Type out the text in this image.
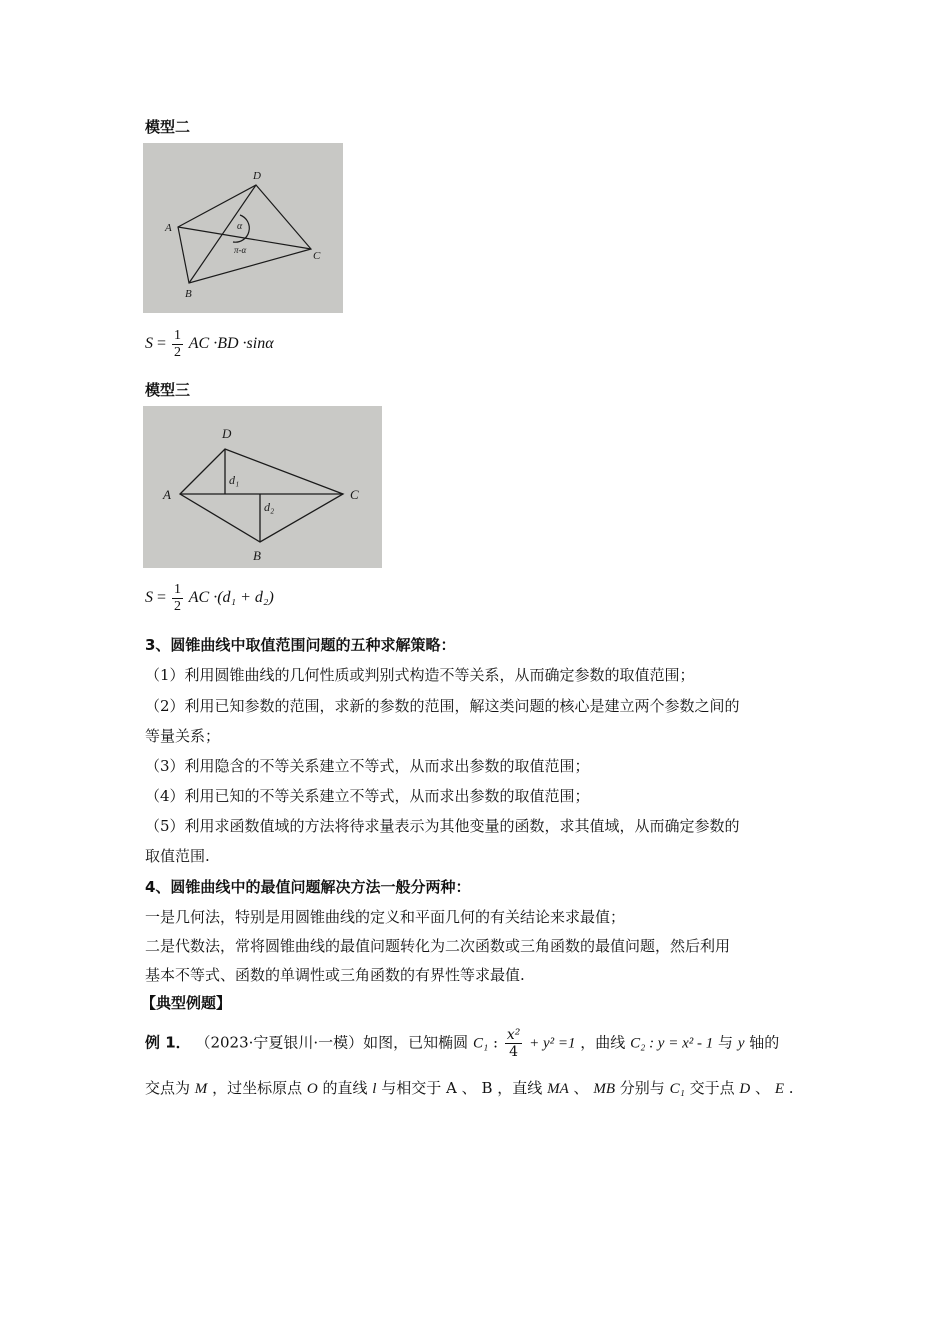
模型二
D
A
C
B
α
π-α
$S = \frac{1}{2}$ AC ·BD ·sinα
模型三
D
A	C
B
d₁
d₂
$S = \frac{1}{2}$ AC ·(d₁ + d₂)
3、圆锥曲线中取值范围问题的五种求解策略：
（1）利用圆锥曲线的几何性质或判别式构造不等关系，从而确定参数的取值范围；
（2）利用已知参数的范围，求新的参数的范围，解这类问题的核心是建立两个参数之间的
等量关系；
（3）利用隐含的不等关系建立不等式，从而求出参数的取值范围；
（4）利用已知的不等关系建立不等式，从而求出参数的取值范围；
（5）利用求函数值域的方法将待求量表示为其他变量的函数，求其值域，从而确定参数的
取值范围.
4、圆锥曲线中的最值问题解决方法一般分两种：
一是几何法，特别是用圆锥曲线的定义和平面几何的有关结论来求最值；
二是代数法，常将圆锥曲线的最值问题转化为二次函数或三角函数的最值问题，然后利用
基本不等式、函数的单调性或三角函数的有界性等求最值.
【典型例题】
例 1． （2023·宁夏银川·一模）如图，已知椭圆 C₁ : $\frac{\text{x²}}{4} + y^2 =1$ ，曲线 C₂ : y = x² - 1 与 y 轴的
交点为 M ，过坐标原点 O 的直线 l 与相交于 A 、 B ，直线 MA 、 MB 分别与 C₁ 交于点 D 、 E .
